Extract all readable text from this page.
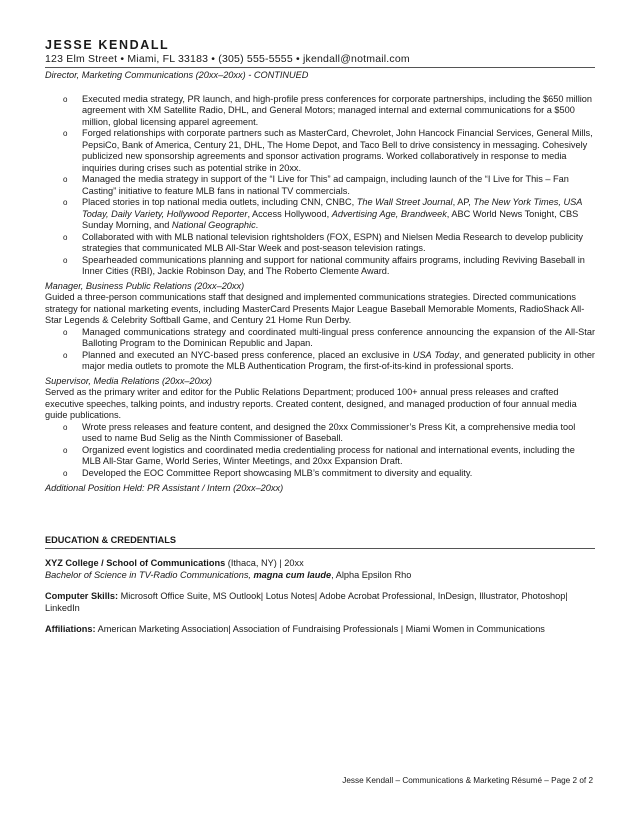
JESSE KENDALL
123 Elm Street • Miami, FL 33183 • (305) 555-5555 • jkendall@notmail.com
Director, Marketing Communications (20xx–20xx) - CONTINUED
o Executed media strategy, PR launch, and high-profile press conferences for corporate partnerships, including the $650 million agreement with XM Satellite Radio, DHL, and General Motors; managed internal and external communications for a $500 million, global licensing apparel agreement.
o Forged relationships with corporate partners such as MasterCard, Chevrolet, John Hancock Financial Services, General Mills, PepsiCo, Bank of America, Century 21, DHL, The Home Depot, and Taco Bell to drive consistency in messaging. Cohesively publicized new sponsorship agreements and sponsor activation programs. Worked collaboratively in response to media inquiries during crises such as potential strike in 20xx.
o Managed the media strategy in support of the “I Live for This” ad campaign, including launch of the “I Live for This – Fan Casting” initiative to feature MLB fans in national TV commercials.
o Placed stories in top national media outlets, including CNN, CNBC, The Wall Street Journal, AP, The New York Times, USA Today, Daily Variety, Hollywood Reporter, Access Hollywood, Advertising Age, Brandweek, ABC World News Tonight, CBS Sunday Morning, and National Geographic.
o Collaborated with with MLB national television rightsholders (FOX, ESPN) and Nielsen Media Research to develop publicity strategies that communicated MLB All-Star Week and post-season television ratings.
o Spearheaded communications planning and support for national community affairs programs, including Reviving Baseball in Inner Cities (RBI), Jackie Robinson Day, and The Roberto Clemente Award.
Manager, Business Public Relations (20xx–20xx)
Guided a three-person communications staff that designed and implemented communications strategies. Directed communications strategy for national marketing events, including MasterCard Presents Major League Baseball Memorable Moments, RadioShack All-Star Legends & Celebrity Softball Game, and Century 21 Home Run Derby.
o Managed communications strategy and coordinated multi-lingual press conference announcing the expansion of the All-Star Balloting Program to the Dominican Republic and Japan.
o Planned and executed an NYC-based press conference, placed an exclusive in USA Today, and generated publicity in other major media outlets to promote the MLB Authentication Program, the first-of-its-kind in professional sports.
Supervisor, Media Relations (20xx–20xx)
Served as the primary writer and editor for the Public Relations Department; produced 100+ annual press releases and crafted executive speeches, talking points, and industry reports. Created content, designed, and managed production of four annual media guide publications.
o Wrote press releases and feature content, and designed the 20xx Commissioner’s Press Kit, a comprehensive media tool used to name Bud Selig as the Ninth Commissioner of Baseball.
o Organized event logistics and coordinated media credentialing process for national and international events, including the MLB All-Star Game, World Series, Winter Meetings, and 20xx Expansion Draft.
o Developed the EOC Committee Report showcasing MLB’s commitment to diversity and equality.
Additional Position Held: PR Assistant / Intern (20xx–20xx)
EDUCATION & CREDENTIALS
XYZ College / School of Communications (Ithaca, NY) | 20xx
Bachelor of Science in TV-Radio Communications, magna cum laude, Alpha Epsilon Rho
Computer Skills: Microsoft Office Suite, MS Outlook| Lotus Notes| Adobe Acrobat Professional, InDesign, Illustrator, Photoshop| LinkedIn
Affiliations: American Marketing Association| Association of Fundraising Professionals | Miami Women in Communications
Jesse Kendall – Communications & Marketing Résumé – Page 2 of 2
